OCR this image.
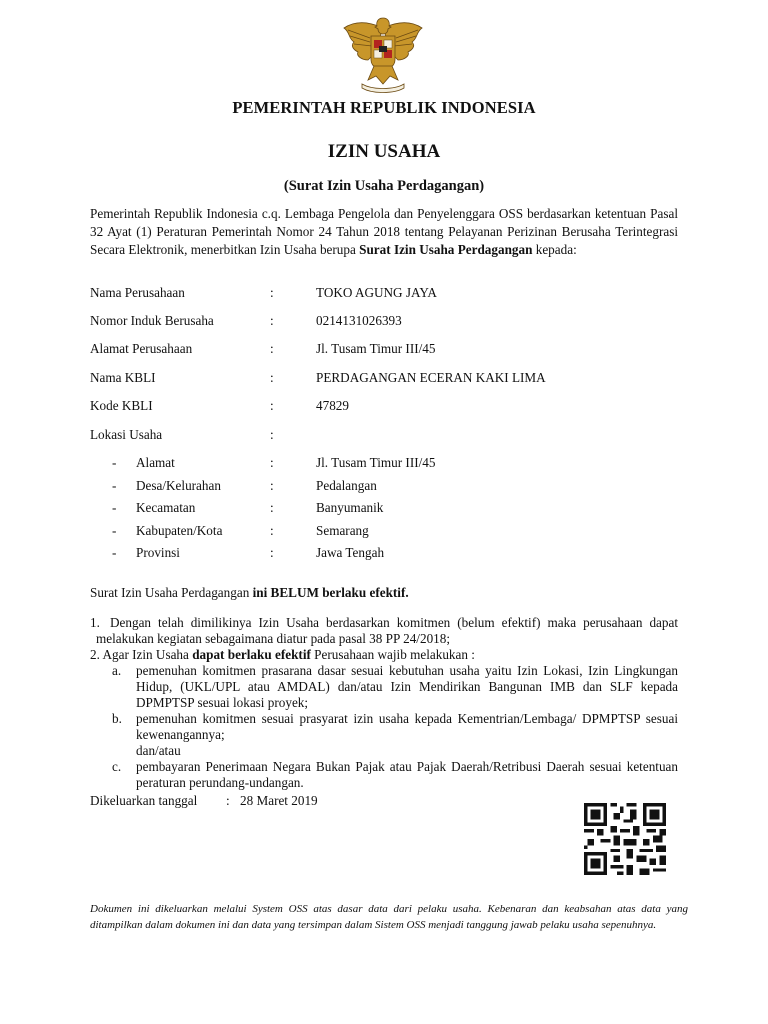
PEMERINTAH REPUBLIK INDONESIA
IZIN USAHA
(Surat Izin Usaha Perdagangan)
Pemerintah Republik Indonesia c.q. Lembaga Pengelola dan Penyelenggara OSS berdasarkan ketentuan Pasal 32 Ayat (1) Peraturan Pemerintah Nomor 24 Tahun 2018 tentang Pelayanan Perizinan Berusaha Terintegrasi Secara Elektronik, menerbitkan Izin Usaha berupa Surat Izin Usaha Perdagangan kepada:
Nama Perusahaan	:	TOKO AGUNG JAYA
Nomor Induk Berusaha	:	0214131026393
Alamat Perusahaan	:	Jl. Tusam Timur III/45
Nama KBLI	:	PERDAGANGAN ECERAN KAKI LIMA
Kode KBLI	:	47829
Lokasi Usaha	:
- Alamat	:	Jl. Tusam Timur III/45
- Desa/Kelurahan	:	Pedalangan
- Kecamatan	:	Banyumanik
- Kabupaten/Kota	:	Semarang
- Provinsi	:	Jawa Tengah
Surat Izin Usaha Perdagangan ini BELUM berlaku efektif.
1. Dengan telah dimilikinya Izin Usaha berdasarkan komitmen (belum efektif) maka perusahaan dapat melakukan kegiatan sebagaimana diatur pada pasal 38 PP 24/2018;
2. Agar Izin Usaha dapat berlaku efektif Perusahaan wajib melakukan :
a. pemenuhan komitmen prasarana dasar sesuai kebutuhan usaha yaitu Izin Lokasi, Izin Lingkungan Hidup, (UKL/UPL atau AMDAL) dan/atau Izin Mendirikan Bangunan IMB dan SLF kepada DPMPTSP sesuai lokasi proyek;
b. pemenuhan komitmen sesuai prasyarat izin usaha kepada Kementrian/Lembaga/ DPMPTSP sesuai kewenangannya;
dan/atau
c. pembayaran Penerimaan Negara Bukan Pajak atau Pajak Daerah/Retribusi Daerah sesuai ketentuan peraturan perundang-undangan.
Dikeluarkan tanggal : 28 Maret 2019
Dokumen ini dikeluarkan melalui System OSS atas dasar data dari pelaku usaha. Kebenaran dan keabsahan atas data yang ditampilkan dalam dokumen ini dan data yang tersimpan dalam Sistem OSS menjadi tanggung jawab pelaku usaha sepenuhnya.
